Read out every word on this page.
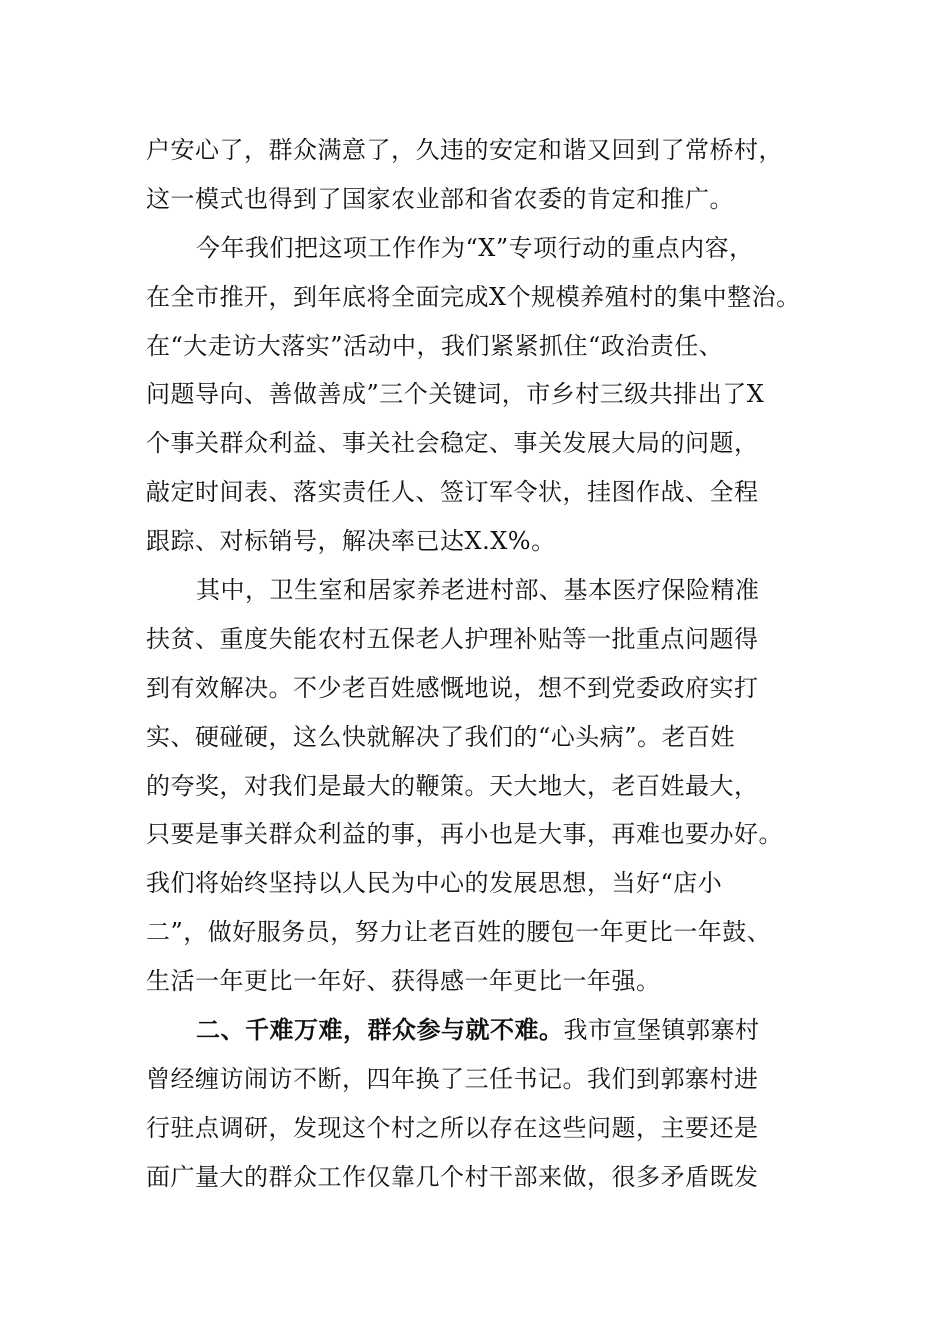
户安心了，群众满意了，久违的安定和谐又回到了常桥村，
这一模式也得到了国家农业部和省农委的肯定和推广。
今年我们把这项工作作为“X”专项行动的重点内容，
在全市推开，到年底将全面完成X个规模养殖村的集中整治。
在“大走访大落实”活动中，我们紧紧抓住“政治责任、
问题导向、善做善成”三个关键词，市乡村三级共排出了X
个事关群众利益、事关社会稳定、事关发展大局的问题，
敲定时间表、落实责任人、签订军令状，挂图作战、全程
跟踪、对标销号，解决率已达X.X%。
其中，卫生室和居家养老进村部、基本医疗保险精准
扶贫、重度失能农村五保老人护理补贴等一批重点问题得
到有效解决。不少老百姓感慨地说，想不到党委政府实打
实、硬碰硬，这么快就解决了我们的“心头病”。老百姓
的夸奖，对我们是最大的鞭策。天大地大，老百姓最大，
只要是事关群众利益的事，再小也是大事，再难也要办好。
我们将始终坚持以人民为中心的发展思想，当好“店小
二”，做好服务员，努力让老百姓的腰包一年更比一年鼓、
生活一年更比一年好、获得感一年更比一年强。
二、千难万难，群众参与就不难。我市宣堡镇郭寨村
曾经缠访闹访不断，四年换了三任书记。我们到郭寨村进
行驻点调研，发现这个村之所以存在这些问题，主要还是
面广量大的群众工作仅靠几个村干部来做，很多矛盾既发
